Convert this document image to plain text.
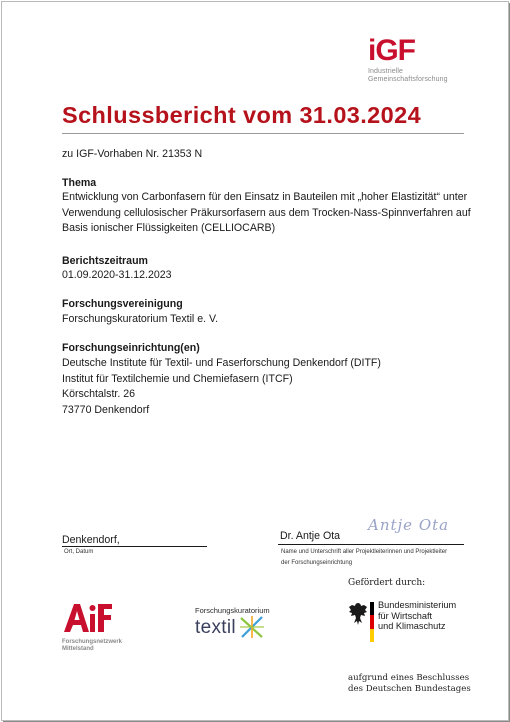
i GF
Industrielle
Gemeinschaftsforschung
Schlussbericht vom 31.03.2024
zu IGF-Vorhaben Nr. 21353 N
Thema
Entwicklung von Carbonfasern für den Einsatz in Bauteilen mit „hoher Elastizität“ unter
Verwendung cellulosischer Präkursorfasern aus dem Trocken-Nass-Spinnverfahren auf
Basis ionischer Flüssigkeiten (CELLIOCARB)
Berichtszeitraum
01.09.2020-31.12.2023
Forschungsvereinigung
Forschungskuratorium Textil e. V.
Forschungseinrichtung(en)
Deutsche Institute für Textil- und Faserforschung Denkendorf (DITF)
Institut für Textilchemie und Chemiefasern (ITCF)
Körschtalstr. 26
73770 Denkendorf
Denkendorf,
Ort, Datum
Dr. Antje Ota
Antje Ota
Name und Unterschrift aller Projektleiterinnen und Projektleiter
der Forschungseinrichtung
Gefördert durch:
Forschungsnetzwerk
Mittelstand
Forschungskuratorium
textil
Bundesministerium
für Wirtschaft
und Klimaschutz
aufgrund eines Beschlusses
des Deutschen Bundestages
